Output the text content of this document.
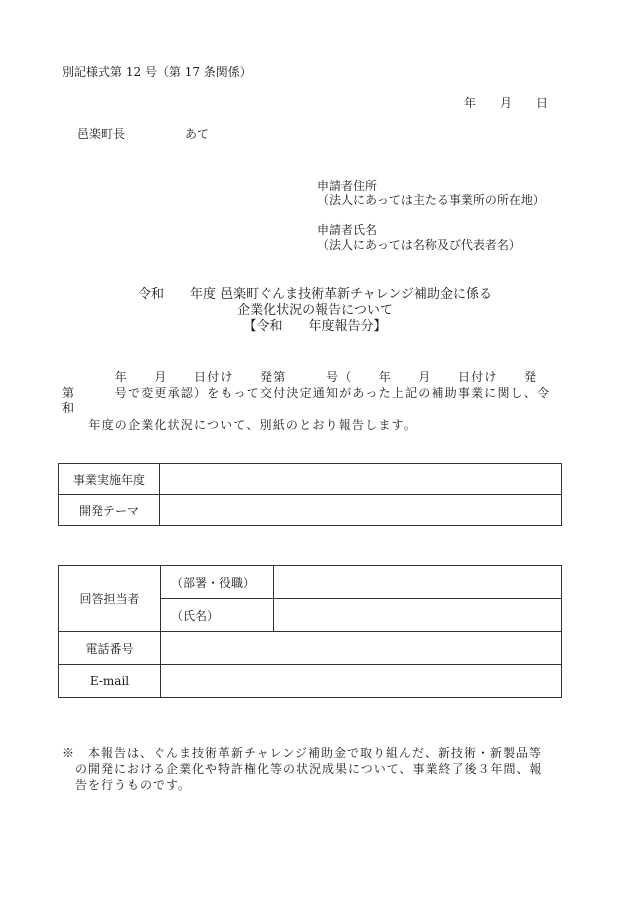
別記様式第 12 号（第 17 条関係）
年　　月　　日
邑楽町長　　　　　あて
申請者住所
（法人にあっては主たる事業所の所在地）
申請者氏名
（法人にあっては名称及び代表者名）
令和　　年度 邑楽町ぐんま技術革新チャレンジ補助金に係る
企業化状況の報告について
【令和　　年度報告分】
　　　　年　　月　　日付け　　発第　　　号（　　年　　月　　日付け　　発
第　　　号で変更承認）をもって交付決定通知があった上記の補助事業に関し、令
和
　　年度の企業化状況について、別紙のとおり報告します。
事業実施年度	
開発テーマ	
回答担当者	（部署・役職）	
	（氏名）	
電話番号		
E-mail		
※　本報告は、ぐんま技術革新チャレンジ補助金で取り組んだ、新技術・新製品等
　の開発における企業化や特許権化等の状況成果について、事業終了後３年間、報
　告を行うものです。
